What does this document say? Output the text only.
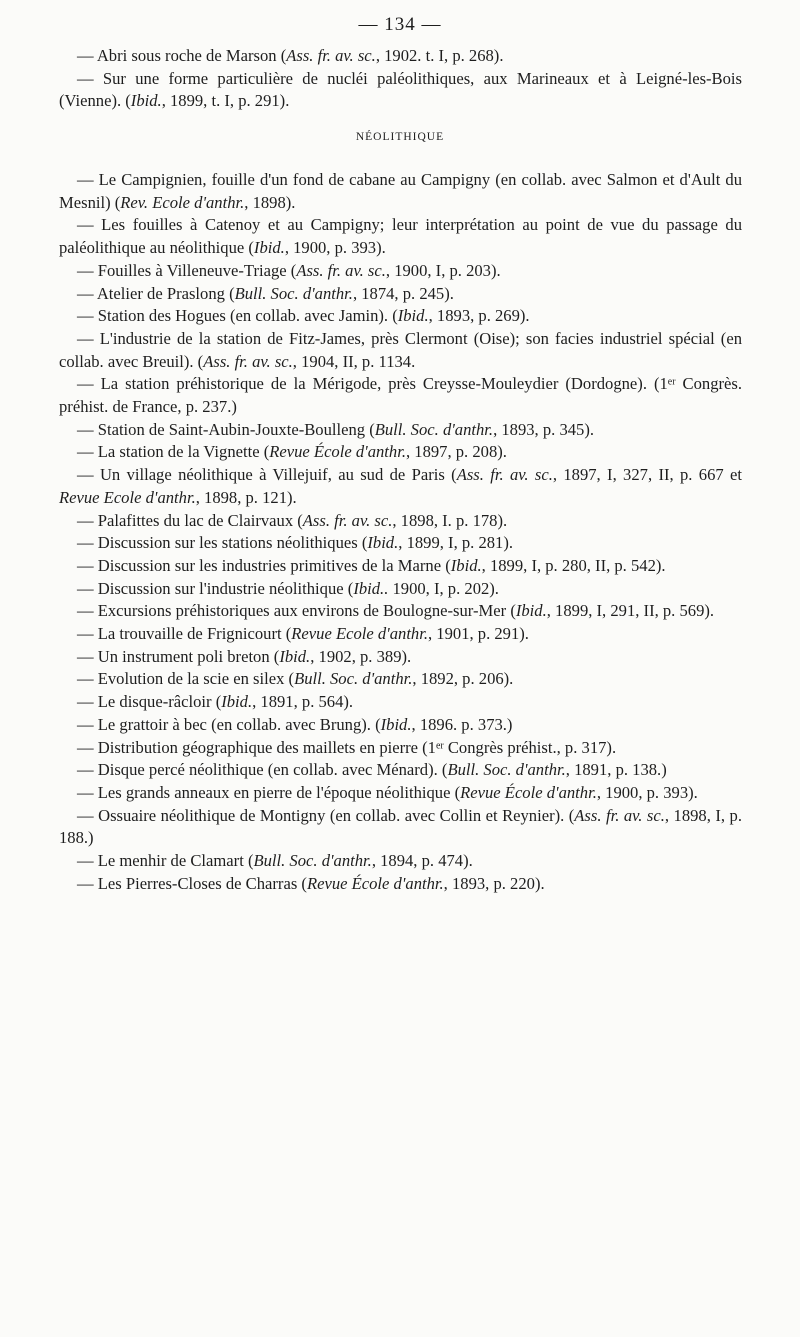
— 134 —

— Abri sous roche de Marson (Ass. fr. av. sc., 1902. t. I, p. 268).

— Sur une forme particulière de nucléi paléolithiques, aux Marineaux et à Leigné-les-Bois (Vienne). (Ibid., 1899, t. I, p. 291).

NÉOLITHIQUE

— Le Campignien, fouille d'un fond de cabane au Campigny (en collab. avec Salmon et d'Ault du Mesnil) (Rev. Ecole d'anthr., 1898).

— Les fouilles à Catenoy et au Campigny; leur interprétation au point de vue du passage du paléolithique au néolithique (Ibid., 1900, p. 393).

— Fouilles à Villeneuve-Triage (Ass. fr. av. sc., 1900, I, p. 203).

— Atelier de Praslong (Bull. Soc. d'anthr., 1874, p. 245).

— Station des Hogues (en collab. avec Jamin). (Ibid., 1893, p. 269).

— L'industrie de la station de Fitz-James, près Clermont (Oise); son facies industriel spécial (en collab. avec Breuil). (Ass. fr. av. sc., 1904, II, p. 1134.

— La station préhistorique de la Mérigode, près Creysse-Mouleydier (Dordogne). (1er Congrès. préhist. de France, p. 237.)

— Station de Saint-Aubin-Jouxte-Boulleng (Bull. Soc. d'anthr., 1893, p. 345).

— La station de la Vignette (Revue École d'anthr., 1897, p. 208).

— Un village néolithique à Villejuif, au sud de Paris (Ass. fr. av. sc., 1897, I, 327, II, p. 667 et Revue Ecole d'anthr., 1898, p. 121).

— Palafittes du lac de Clairvaux (Ass. fr. av. sc., 1898, I. p. 178).

— Discussion sur les stations néolithiques (Ibid., 1899, I, p. 281).

— Discussion sur les industries primitives de la Marne (Ibid., 1899, I, p. 280, II, p. 542).

— Discussion sur l'industrie néolithique (Ibid.. 1900, I, p. 202).

— Excursions préhistoriques aux environs de Boulogne-sur-Mer (Ibid., 1899, I, 291, II, p. 569).

— La trouvaille de Frignicourt (Revue Ecole d'anthr., 1901, p. 291).

— Un instrument poli breton (Ibid., 1902, p. 389).

— Evolution de la scie en silex (Bull. Soc. d'anthr., 1892, p. 206).

— Le disque-râcloir (Ibid., 1891, p. 564).

— Le grattoir à bec (en collab. avec Brung). (Ibid., 1896. p. 373.)

— Distribution géographique des maillets en pierre (1er Congrès préhist., p. 317).

— Disque percé néolithique (en collab. avec Ménard). (Bull. Soc. d'anthr., 1891, p. 138.)

— Les grands anneaux en pierre de l'époque néolithique (Revue École d'anthr., 1900, p. 393).

— Ossuaire néolithique de Montigny (en collab. avec Collin et Reynier). (Ass. fr. av. sc., 1898, I, p. 188.)

— Le menhir de Clamart (Bull. Soc. d'anthr., 1894, p. 474).

— Les Pierres-Closes de Charras (Revue École d'anthr., 1893, p. 220).
